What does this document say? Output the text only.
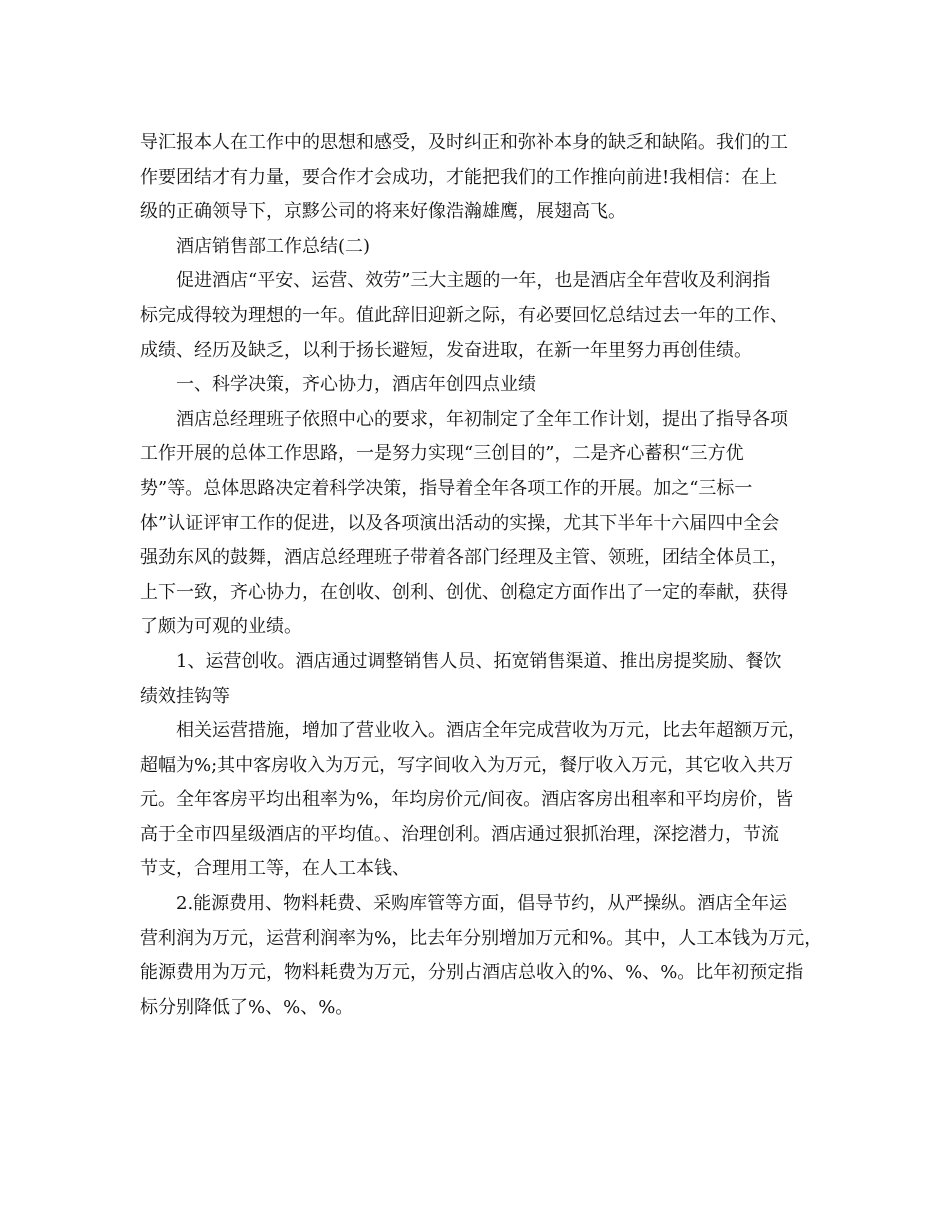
导汇报本人在工作中的思想和感受，及时纠正和弥补本身的缺乏和缺陷。我们的工

作要团结才有力量，要合作才会成功，才能把我们的工作推向前进!我相信：在上

级的正确领导下，京黟公司的将来好像浩瀚雄鹰，展翅高飞。

酒店销售部工作总结(二)

促进酒店“平安、运营、效劳”三大主题的一年，也是酒店全年营收及利润指

标完成得较为理想的一年。值此辞旧迎新之际，有必要回忆总结过去一年的工作、

成绩、经历及缺乏，以利于扬长避短，发奋进取，在新一年里努力再创佳绩。

一、科学决策，齐心协力，酒店年创四点业绩

酒店总经理班子依照中心的要求，年初制定了全年工作计划，提出了指导各项

工作开展的总体工作思路，一是努力实现“三创目的”，二是齐心蓄积“三方优

势”等。总体思路决定着科学决策，指导着全年各项工作的开展。加之“三标一

体”认证评审工作的促进，以及各项演出活动的实操，尤其下半年十六届四中全会

强劲东风的鼓舞，酒店总经理班子带着各部门经理及主管、领班，团结全体员工，

上下一致，齐心协力，在创收、创利、创优、创稳定方面作出了一定的奉献，获得

了颇为可观的业绩。

1、运营创收。酒店通过调整销售人员、拓宽销售渠道、推出房提奖励、餐饮

绩效挂钩等

相关运营措施，增加了营业收入。酒店全年完成营收为万元，比去年超额万元，

超幅为%;其中客房收入为万元，写字间收入为万元，餐厅收入万元，其它收入共万

元。全年客房平均出租率为%，年均房价元/间夜。酒店客房出租率和平均房价，皆

高于全市四星级酒店的平均值。、治理创利。酒店通过狠抓治理，深挖潜力，节流

节支，合理用工等，在人工本钱、

2.能源费用、物料耗费、采购库管等方面，倡导节约，从严操纵。酒店全年运

营利润为万元，运营利润率为%，比去年分别增加万元和%。其中，人工本钱为万元，

能源费用为万元，物料耗费为万元，分别占酒店总收入的%、%、%。比年初预定指

标分别降低了%、%、%。
